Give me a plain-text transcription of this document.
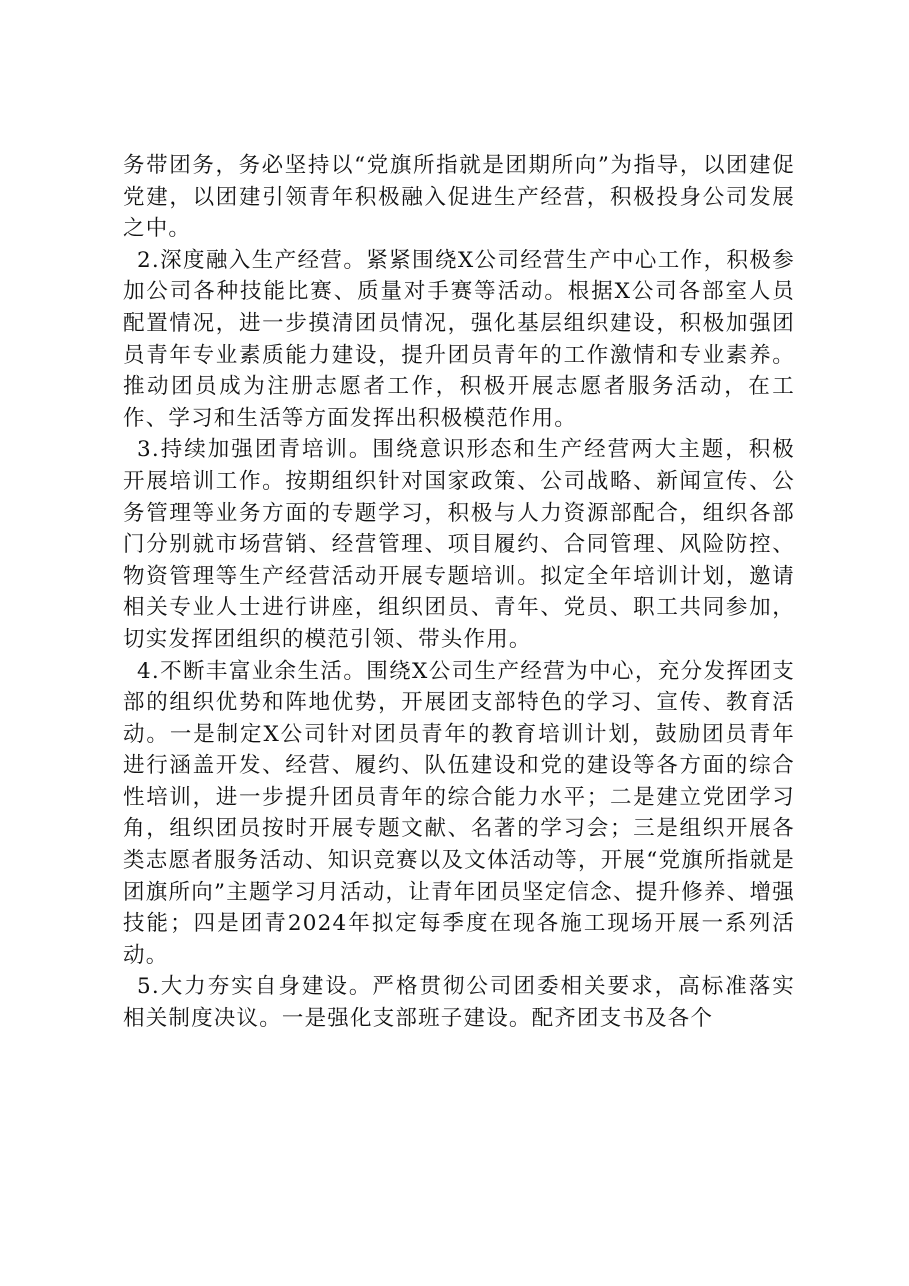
务带团务，务必坚持以“党旗所指就是团期所向”为指导，以团建促党建，以团建引领青年积极融入促进生产经营，积极投身公司发展之中。

2.深度融入生产经营。紧紧围绕X公司经营生产中心工作，积极参加公司各种技能比赛、质量对手赛等活动。根据X公司各部室人员配置情况，进一步摸清团员情况，强化基层组织建设，积极加强团员青年专业素质能力建设，提升团员青年的工作激情和专业素养。推动团员成为注册志愿者工作，积极开展志愿者服务活动，在工作、学习和生活等方面发挥出积极模范作用。

3.持续加强团青培训。围绕意识形态和生产经营两大主题，积极开展培训工作。按期组织针对国家政策、公司战略、新闻宣传、公务管理等业务方面的专题学习，积极与人力资源部配合，组织各部门分别就市场营销、经营管理、项目履约、合同管理、风险防控、物资管理等生产经营活动开展专题培训。拟定全年培训计划，邀请相关专业人士进行讲座，组织团员、青年、党员、职工共同参加，切实发挥团组织的模范引领、带头作用。

4.不断丰富业余生活。围绕X公司生产经营为中心，充分发挥团支部的组织优势和阵地优势，开展团支部特色的学习、宣传、教育活动。一是制定X公司针对团员青年的教育培训计划，鼓励团员青年进行涵盖开发、经营、履约、队伍建设和党的建设等各方面的综合性培训，进一步提升团员青年的综合能力水平；二是建立党团学习角，组织团员按时开展专题文献、名著的学习会；三是组织开展各类志愿者服务活动、知识竞赛以及文体活动等，开展“党旗所指就是团旗所向”主题学习月活动，让青年团员坚定信念、提升修养、增强技能；四是团青2024年拟定每季度在现各施工现场开展一系列活动。

5.大力夯实自身建设。严格贯彻公司团委相关要求，高标准落实相关制度决议。一是强化支部班子建设。配齐团支书及各个
